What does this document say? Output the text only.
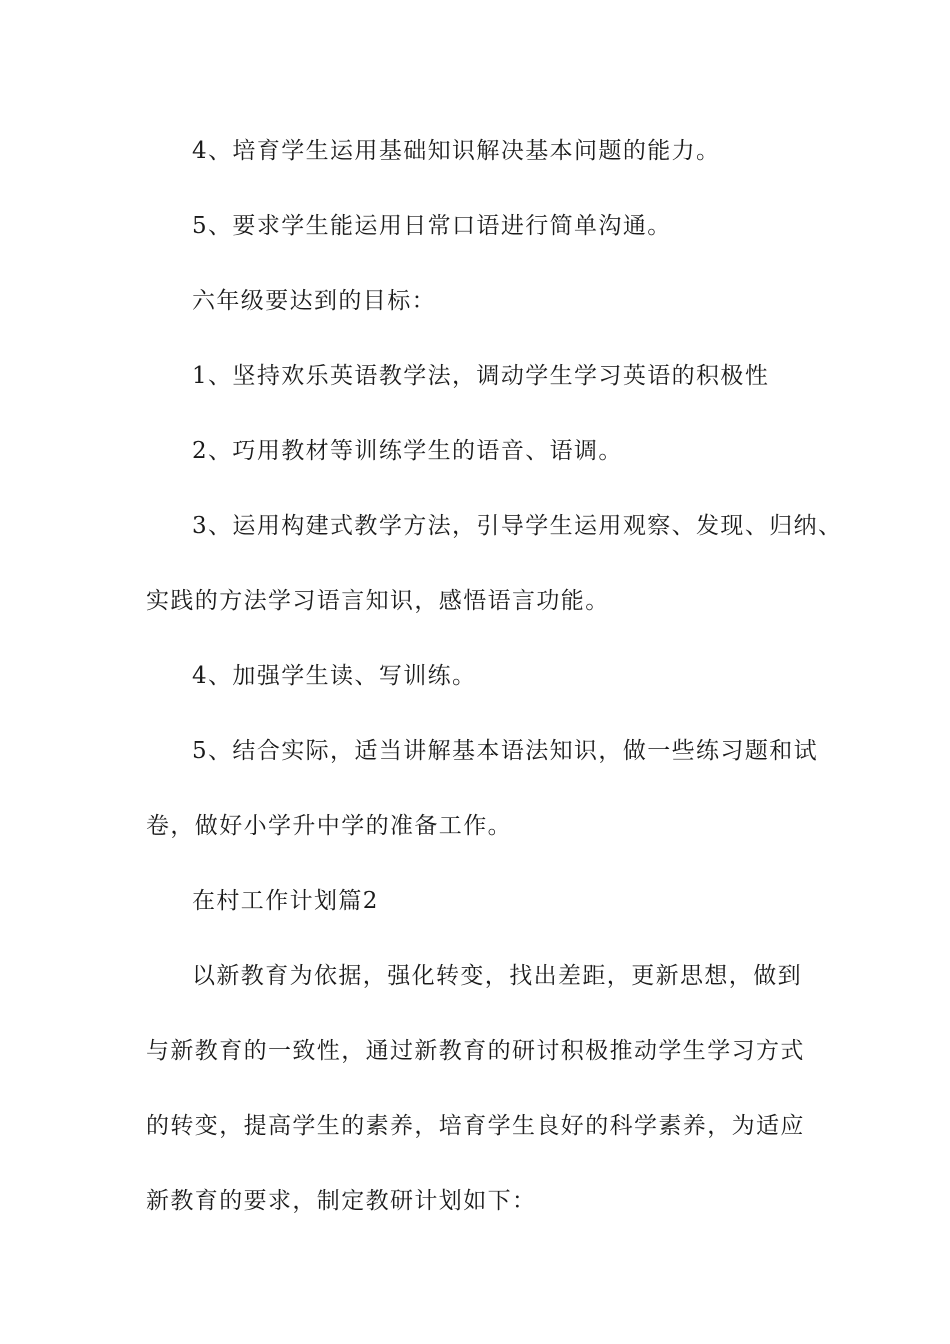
4、培育学生运用基础知识解决基本问题的能力。
5、要求学生能运用日常口语进行简单沟通。
六年级要达到的目标：
1、坚持欢乐英语教学法，调动学生学习英语的积极性
2、巧用教材等训练学生的语音、语调。
3、运用构建式教学方法，引导学生运用观察、发现、归纳、
实践的方法学习语言知识，感悟语言功能。
4、加强学生读、写训练。
5、结合实际，适当讲解基本语法知识，做一些练习题和试
卷，做好小学升中学的准备工作。
在村工作计划篇2
以新教育为依据，强化转变，找出差距，更新思想，做到
与新教育的一致性，通过新教育的研讨积极推动学生学习方式
的转变，提高学生的素养，培育学生良好的科学素养，为适应
新教育的要求，制定教研计划如下：
